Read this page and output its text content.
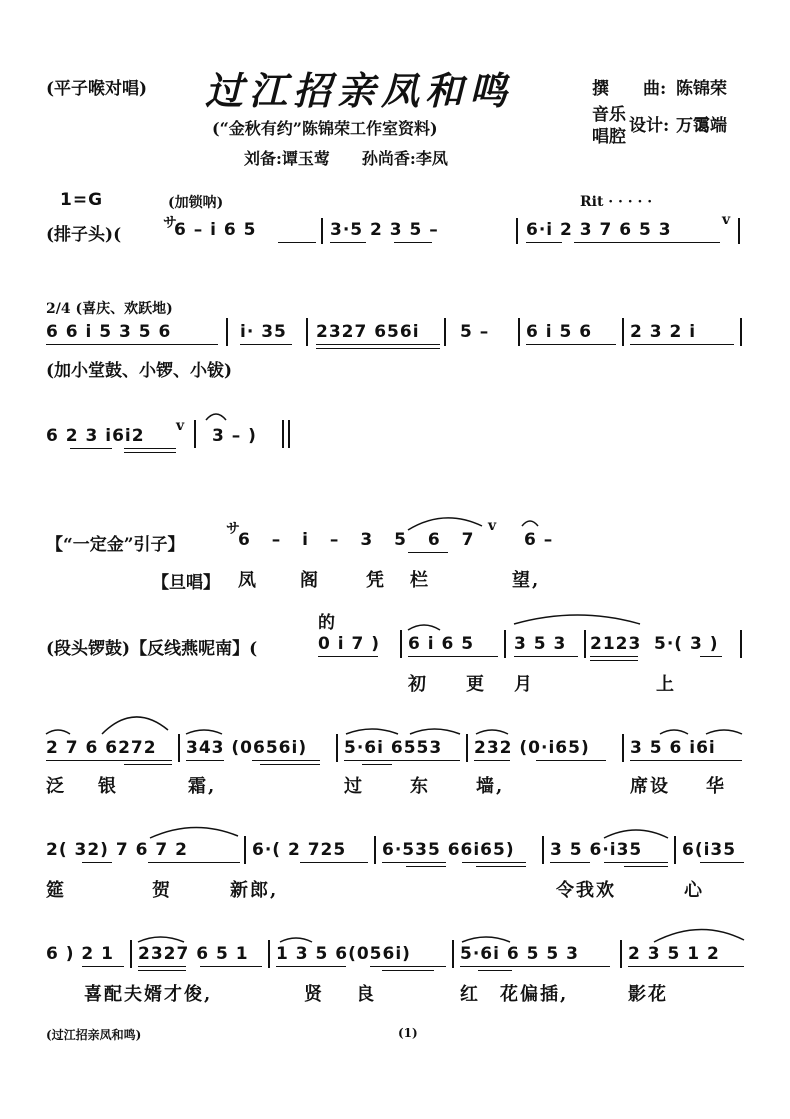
(平子喉对唱) 过江招亲凤和鸣	撰　　曲: 陈锦荣
音乐
唱腔
设计: 万霭端
(“金秋有约”陈锦荣工作室资料)
刘备:谭玉莺　　孙尚香:李凤
1=G	(加锁呐)	Rit · · · · ·
(排子头)(
サ
6 – i 6 5	3·5 2 3 5 –	6·i 2 3 7 6 5 3	v
2/4 (喜庆、欢跃地)
6 6 i 5 3 5 6	i· 35 2327 656i 5 – 6 i 5 6 2 3 2 i
(加小堂鼓、小锣、小钹)
6 2 3 i6i2 v 3 – )
【“一定金”引子】
サ
6 – i – 3 5 6 7
v
6 –
【旦唱】 凤 阁	凭 栏	望,
的
(段头锣鼓)【反线燕呢南】(	0 i 7 ) 6 i 6 5 3 5 3 2123 5·( 3 )
初 更 月	上
2 7 6 6272 343 (0656i) 5·6i 6553 232 (0·i65) 3 5 6 i6i
泛 银	霜,	过	东	墙,	席设 华
2( 32) 7 6 7 2	6·( 2 725 6·535 66i65) 3 5 6·i35 6(i35
筵	贺	新郎,	令我欢	心
6 ) 2 1 2327 6 5 1 1 3 5 6(056i)	5·6i 6 5 5 3	2 3 5 1 2
喜配夫婿才俊,	贤 良	红 花偏插,	影花
(过江招亲凤和鸣)	(1)
